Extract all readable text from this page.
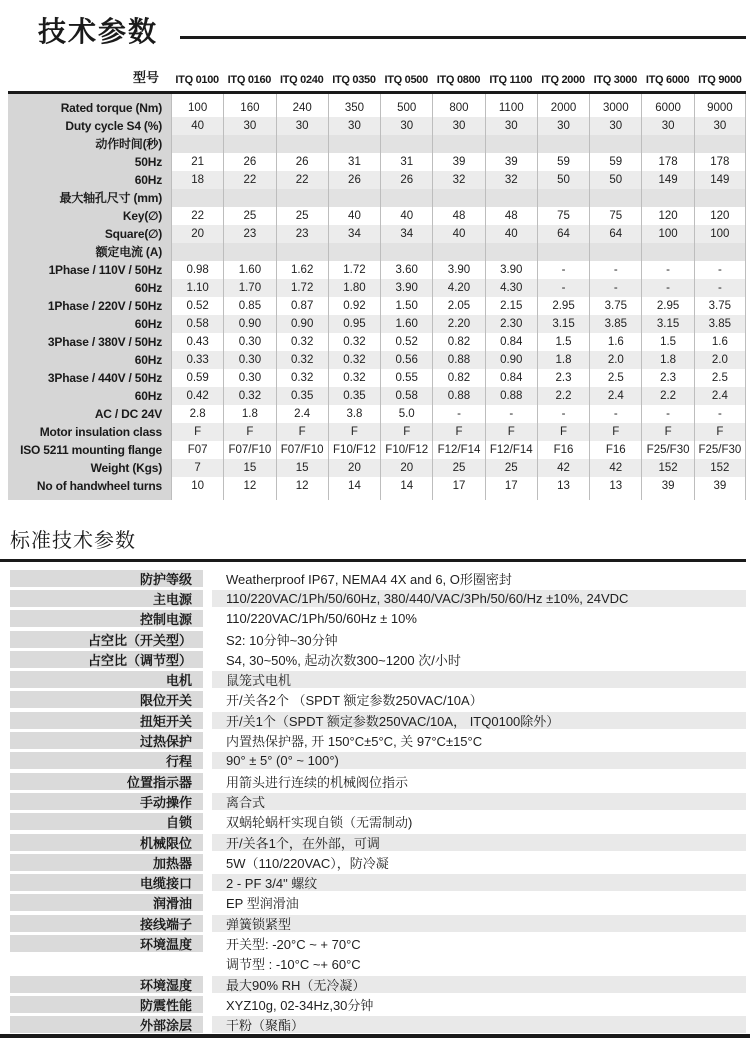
技术参数
型号	ITQ 0100 ITQ 0160 ITQ 0240 ITQ 0350 ITQ 0500 ITQ 0800 ITQ 1100 ITQ 2000 ITQ 3000 ITQ 6000 ITQ 9000
Rated torque (Nm)	100	160	240	350	500	800	1100	2000	3000	6000	9000
Duty cycle S4 (%)	40	30	30	30	30	30	30	30	30	30	30
动作时间(秒)
50Hz	21	26	26	31	31	39	39	59	59	178	178
60Hz	18	22	22	26	26	32	32	50	50	149	149
最大轴孔尺寸 (mm)
Key(∅)	22	25	25	40	40	48	48	75	75	120	120
Square(∅)	20	23	23	34	34	40	40	64	64	100	100
额定电流 (A)
1Phase / 110V / 50Hz	0.98	1.60	1.62	1.72	3.60	3.90	3.90	-	-	-	-
60Hz	1.10	1.70	1.72	1.80	3.90	4.20	4.30	-	-	-	-
1Phase / 220V / 50Hz	0.52	0.85	0.87	0.92	1.50	2.05	2.15	2.95	3.75	2.95	3.75
60Hz	0.58	0.90	0.90	0.95	1.60	2.20	2.30	3.15	3.85	3.15	3.85
3Phase / 380V / 50Hz	0.43	0.30	0.32	0.32	0.52	0.82	0.84	1.5	1.6	1.5	1.6
60Hz	0.33	0.30	0.32	0.32	0.56	0.88	0.90	1.8	2.0	1.8	2.0
3Phase / 440V / 50Hz	0.59	0.30	0.32	0.32	0.55	0.82	0.84	2.3	2.5	2.3	2.5
60Hz	0.42	0.32	0.35	0.35	0.58	0.88	0.88	2.2	2.4	2.2	2.4
AC / DC 24V	2.8	1.8	2.4	3.8	5.0	-	-	-	-	-	-
Motor insulation class	F	F	F	F	F	F	F	F	F	F	F
ISO 5211 mounting flange	F07	F07/F10 F07/F10 F10/F12 F10/F12 F12/F14 F12/F14	F16	F16	F25/F30 F25/F30
Weight (Kgs)	7	15	15	20	20	25	25	42	42	152	152
No of handwheel turns	10	12	12	14	14	17	17	13	13	39	39
标准技术参数
防护等级	Weatherproof IP67, NEMA4 4X and 6, O形圈密封
主电源	110/220VAC/1Ph/50/60Hz, 380/440/VAC/3Ph/50/60/Hz ±10%, 24VDC
控制电源	110/220VAC/1Ph/50/60Hz ± 10%
占空比（开关型）	S2: 10分钟~30分钟
占空比（调节型）	S4, 30~50%, 起动次数300~1200 次/小时
电机	鼠笼式电机
限位开关	开/关各2个 （SPDT 额定参数250VAC/10A）
扭矩开关	开/关1个（SPDT 额定参数250VAC/10A， ITQ0100除外）
过热保护	内置热保护器, 开 150°C±5°C, 关 97°C±15°C
行程	90° ± 5° (0° ~ 100°)
位置指示器	用箭头进行连续的机械阀位指示
手动操作	离合式
自锁	双蜗轮蜗杆实现自锁（无需制动)
机械限位	开/关各1个，在外部，可调
加热器	5W（110/220VAC），防冷凝
电缆接口	2 - PF 3/4" 螺纹
润滑油	EP 型润滑油
接线端子	弹簧锁紧型
环境温度	开关型: -20°C ~ + 70°C
调节型 : -10°C ~+ 60°C
环境湿度	最大90% RH（无冷凝）
防震性能	XYZ10g, 02-34Hz,30分钟
外部涂层	干粉（聚酯）
